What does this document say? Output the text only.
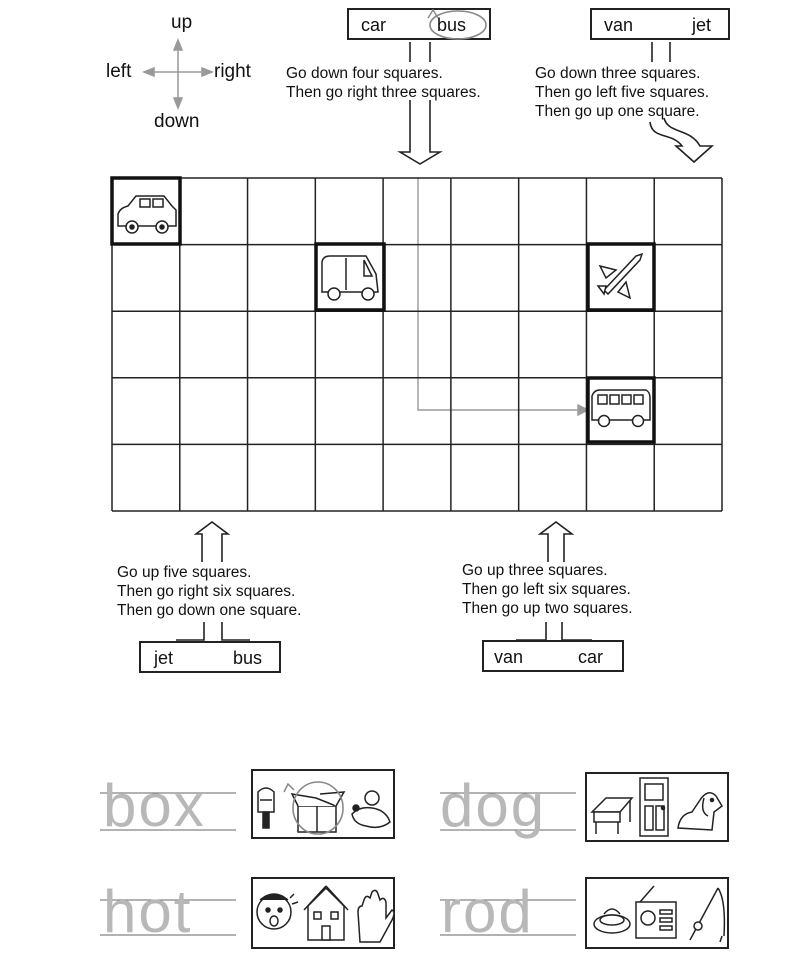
up
down
left	right
car	bus
Go down four squares.
Then go right three squares.
van	jet
Go down three squares.
Then go left five squares.
Then go up one square.
Go up five squares.
Then go right six squares.
Then go down one square.
jet	bus
Go up three squares.
Then go left six squares.
Then go up two squares.
van	car
box	dog
hot	rod
